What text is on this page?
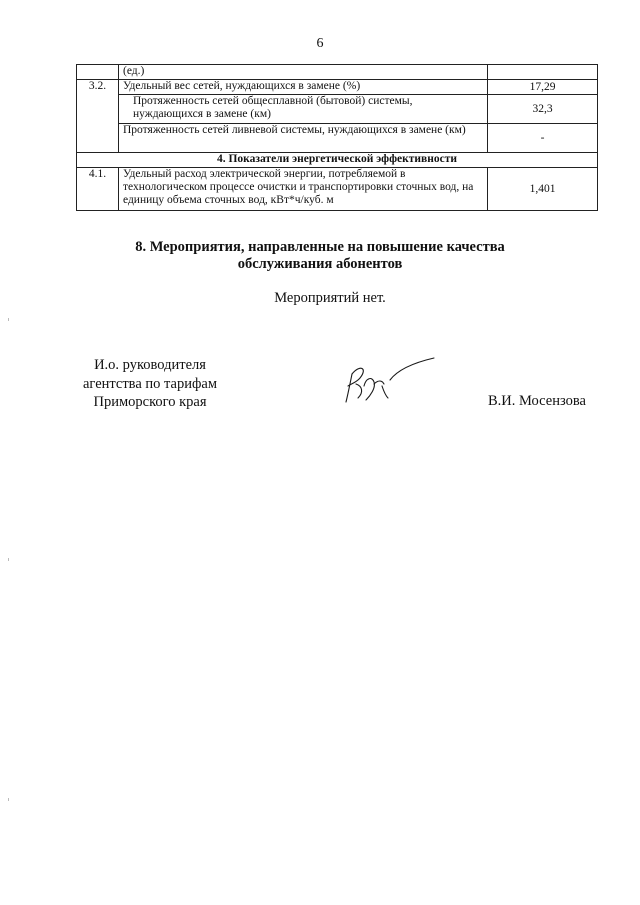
6
	(ед.)	
3.2.	Удельный вес сетей, нуждающихся в замене (%)	17,29
	Протяженность сетей общесплавной (бытовой) системы, нуждающихся в замене (км)	32,3
	Протяженность сетей ливневой системы, нуждающихся в замене (км)	-
4. Показатели энергетической эффективности		
4.1.	Удельный расход электрической энергии, потребляемой в технологическом процессе очистки и транспортировки сточных вод, на единицу объема сточных вод, кВт*ч/куб. м	1,401
8. Мероприятия, направленные на повышение качества
обслуживания абонентов
Мероприятий нет.
И.о. руководителя
агентства по тарифам
Приморского края	В.И. Мосензова
